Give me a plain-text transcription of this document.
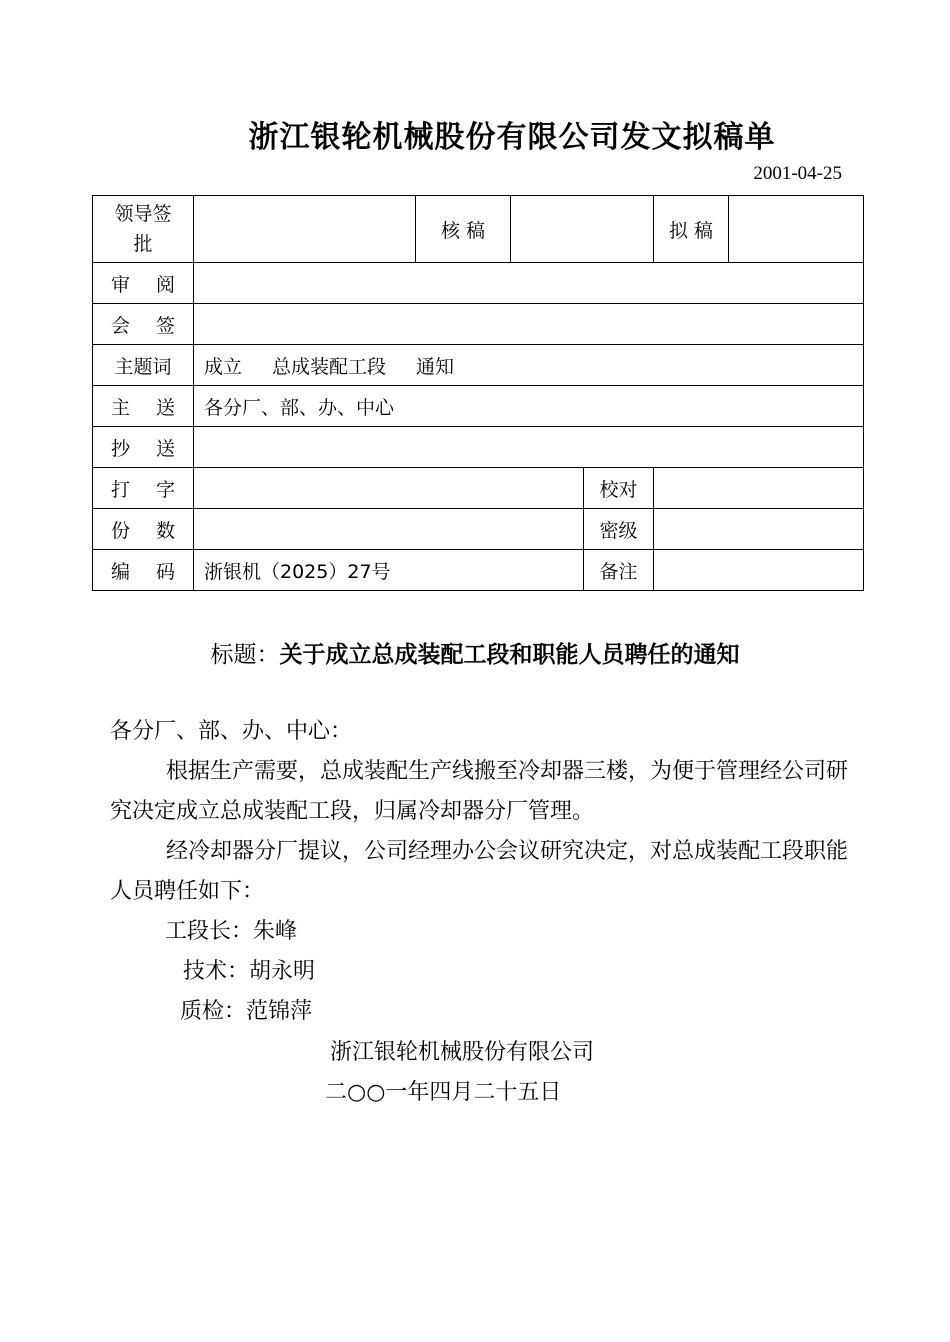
浙江银轮机械股份有限公司发文拟稿单
2001-04-25
领导签批		核 稿			拟 稿	
审 阅						
会 签						
主题词	成立 总成装配工段 通知					
主 送	各分厂、部、办、中心					
抄 送						
打 字				校对		
份 数				密级		
编 码	浙银机（2025）27号			备注		
标题：关于成立总成装配工段和职能人员聘任的通知

各分厂、部、办、中心：

根据生产需要，总成装配生产线搬至冷却器三楼，为便于管理经公司研究决定成立总成装配工段，归属冷却器分厂管理。

经冷却器分厂提议，公司经理办公会议研究决定，对总成装配工段职能人员聘任如下：

工段长：朱峰
技术：胡永明
质检：范锦萍
浙江银轮机械股份有限公司
二○○一年四月二十五日
